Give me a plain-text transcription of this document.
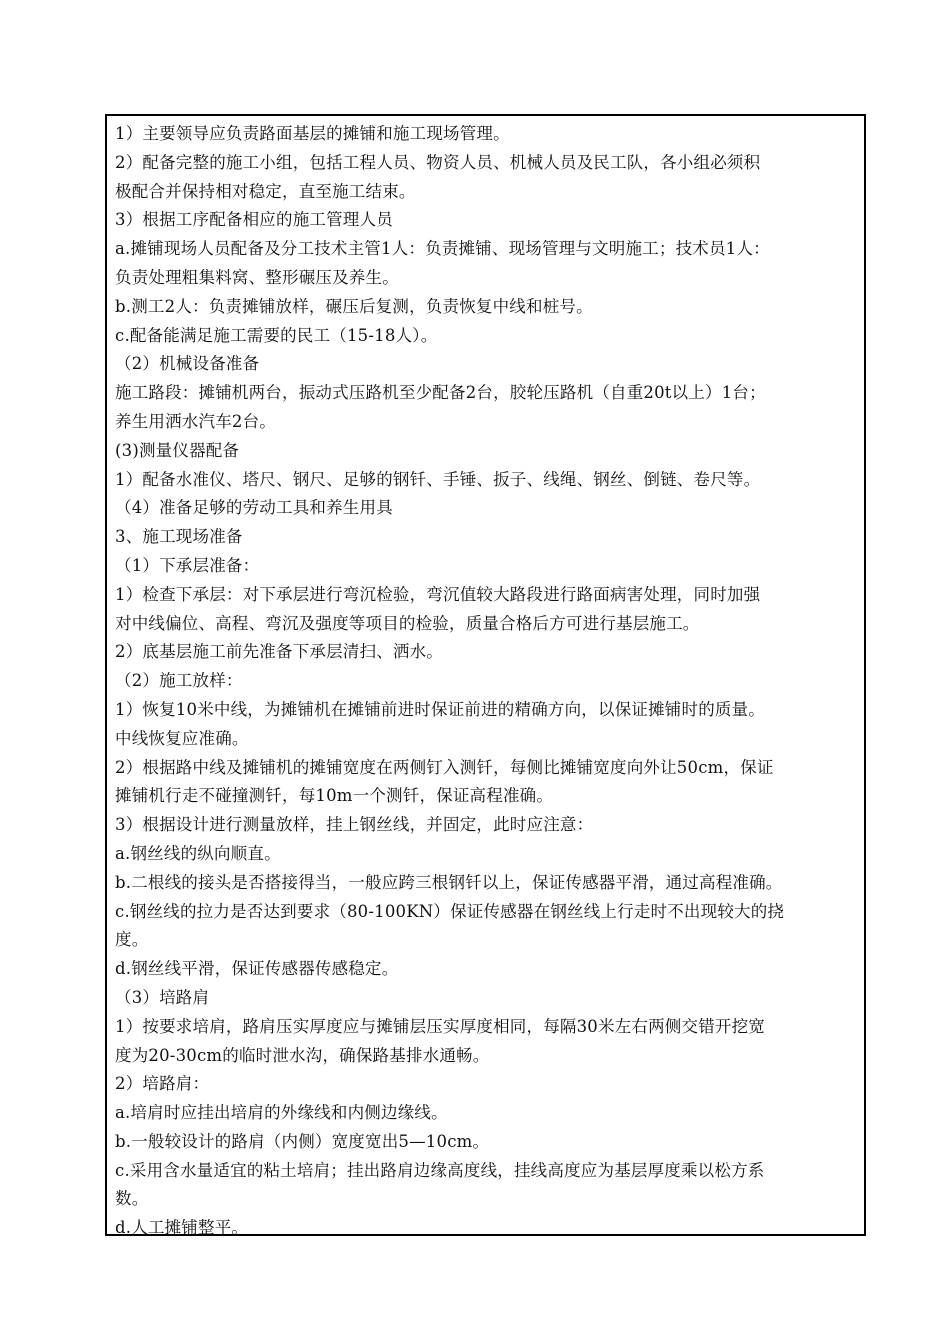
1）主要领导应负责路面基层的摊铺和施工现场管理。
2）配备完整的施工小组，包括工程人员、物资人员、机械人员及民工队，各小组必须积
极配合并保持相对稳定，直至施工结束。
3）根据工序配备相应的施工管理人员
a.摊铺现场人员配备及分工技术主管1人：负责摊铺、现场管理与文明施工；技术员1人：
负责处理粗集料窝、整形碾压及养生。
b.测工2人：负责摊铺放样，碾压后复测，负责恢复中线和桩号。
c.配备能满足施工需要的民工（15-18人）。
（2）机械设备准备
施工路段：摊铺机两台，振动式压路机至少配备2台，胶轮压路机（自重20t以上）1台；
养生用洒水汽车2台。
(3)测量仪器配备
1）配备水准仪、塔尺、钢尺、足够的钢钎、手锤、扳子、线绳、钢丝、倒链、卷尺等。
（4）准备足够的劳动工具和养生用具
3、施工现场准备
（1）下承层准备：
1）检查下承层：对下承层进行弯沉检验，弯沉值较大路段进行路面病害处理，同时加强
对中线偏位、高程、弯沉及强度等项目的检验，质量合格后方可进行基层施工。
2）底基层施工前先准备下承层清扫、洒水。
（2）施工放样：
1）恢复10米中线，为摊铺机在摊铺前进时保证前进的精确方向，以保证摊铺时的质量。
中线恢复应准确。
2）根据路中线及摊铺机的摊铺宽度在两侧钉入测钎，每侧比摊铺宽度向外让50cm，保证
摊铺机行走不碰撞测钎，每10m一个测钎，保证高程准确。
3）根据设计进行测量放样，挂上钢丝线，并固定，此时应注意：
a.钢丝线的纵向顺直。
b.二根线的接头是否搭接得当，一般应跨三根钢钎以上，保证传感器平滑，通过高程准确。
c.钢丝线的拉力是否达到要求（80-100KN）保证传感器在钢丝线上行走时不出现较大的挠
度。
d.钢丝线平滑，保证传感器传感稳定。
（3）培路肩
1）按要求培肩，路肩压实厚度应与摊铺层压实厚度相同，每隔30米左右两侧交错开挖宽
度为20-30cm的临时泄水沟，确保路基排水通畅。
2）培路肩：
a.培肩时应挂出培肩的外缘线和内侧边缘线。
b.一般较设计的路肩（内侧）宽度宽出5—10cm。
c.采用含水量适宜的粘土培肩；挂出路肩边缘高度线，挂线高度应为基层厚度乘以松方系
数。
d.人工摊铺整平。
